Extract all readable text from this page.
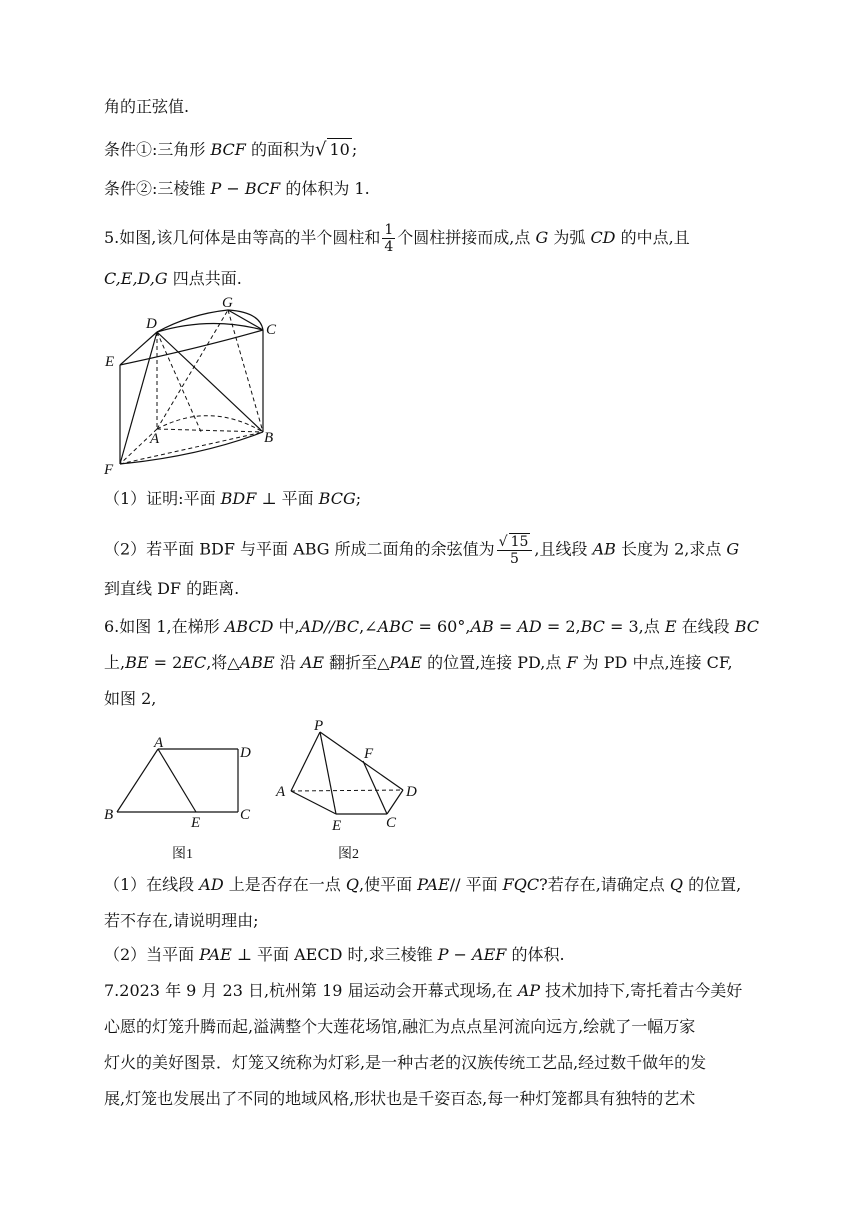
角的正弦值.
条件①:三角形 BCF 的面积为√ 10 ;
条件②:三棱锥 P − BCF 的体积为 1.
5.如图,该几何体是由等高的半个圆柱和 $\frac{1}{4}$ 个圆柱拼接而成,点 G 为弧 CD 的中点,且
C,E,D,G 四点共面.
D
G
C
E
A	B
F
（1）证明:平面 BDF ⊥ 平面 BCG;
（2）若平面 BDF 与平面 ABG 所成二面角的余弦值为 $\frac{√ 15}{5}$ ,且线段 AB 长度为 2,求点 G
到直线 DF 的距离.
6.如图 1,在梯形 ABCD 中,AD//BC,∠ABC = 60°,AB = AD = 2,BC = 3,点 E 在线段 BC
上,BE = 2EC,将△ABE 沿 AE 翻折至△PAE 的位置,连接 PD,点 F 为 PD 中点,连接 CF,
如图 2,
A
D
B	E	C
图1
P
F
A	D
E	C
图2
（1）在线段 AD 上是否存在一点 Q,使平面 PAE// 平面 FQC?若存在,请确定点 Q 的位置,
若不存在,请说明理由;
（2）当平面 PAE ⊥ 平面 AECD 时,求三棱锥 P − AEF 的体积.
7.2023 年 9 月 23 日,杭州第 19 届运动会开幕式现场,在 AP 技术加持下,寄托着古今美好
心愿的灯笼升腾而起,溢满整个大莲花场馆,融汇为点点星河流向远方,绘就了一幅万家
灯火的美好图景．灯笼又统称为灯彩,是一种古老的汉族传统工艺品,经过数千做年的发
展,灯笼也发展出了不同的地域风格,形状也是千姿百态,每一种灯笼都具有独特的艺术
